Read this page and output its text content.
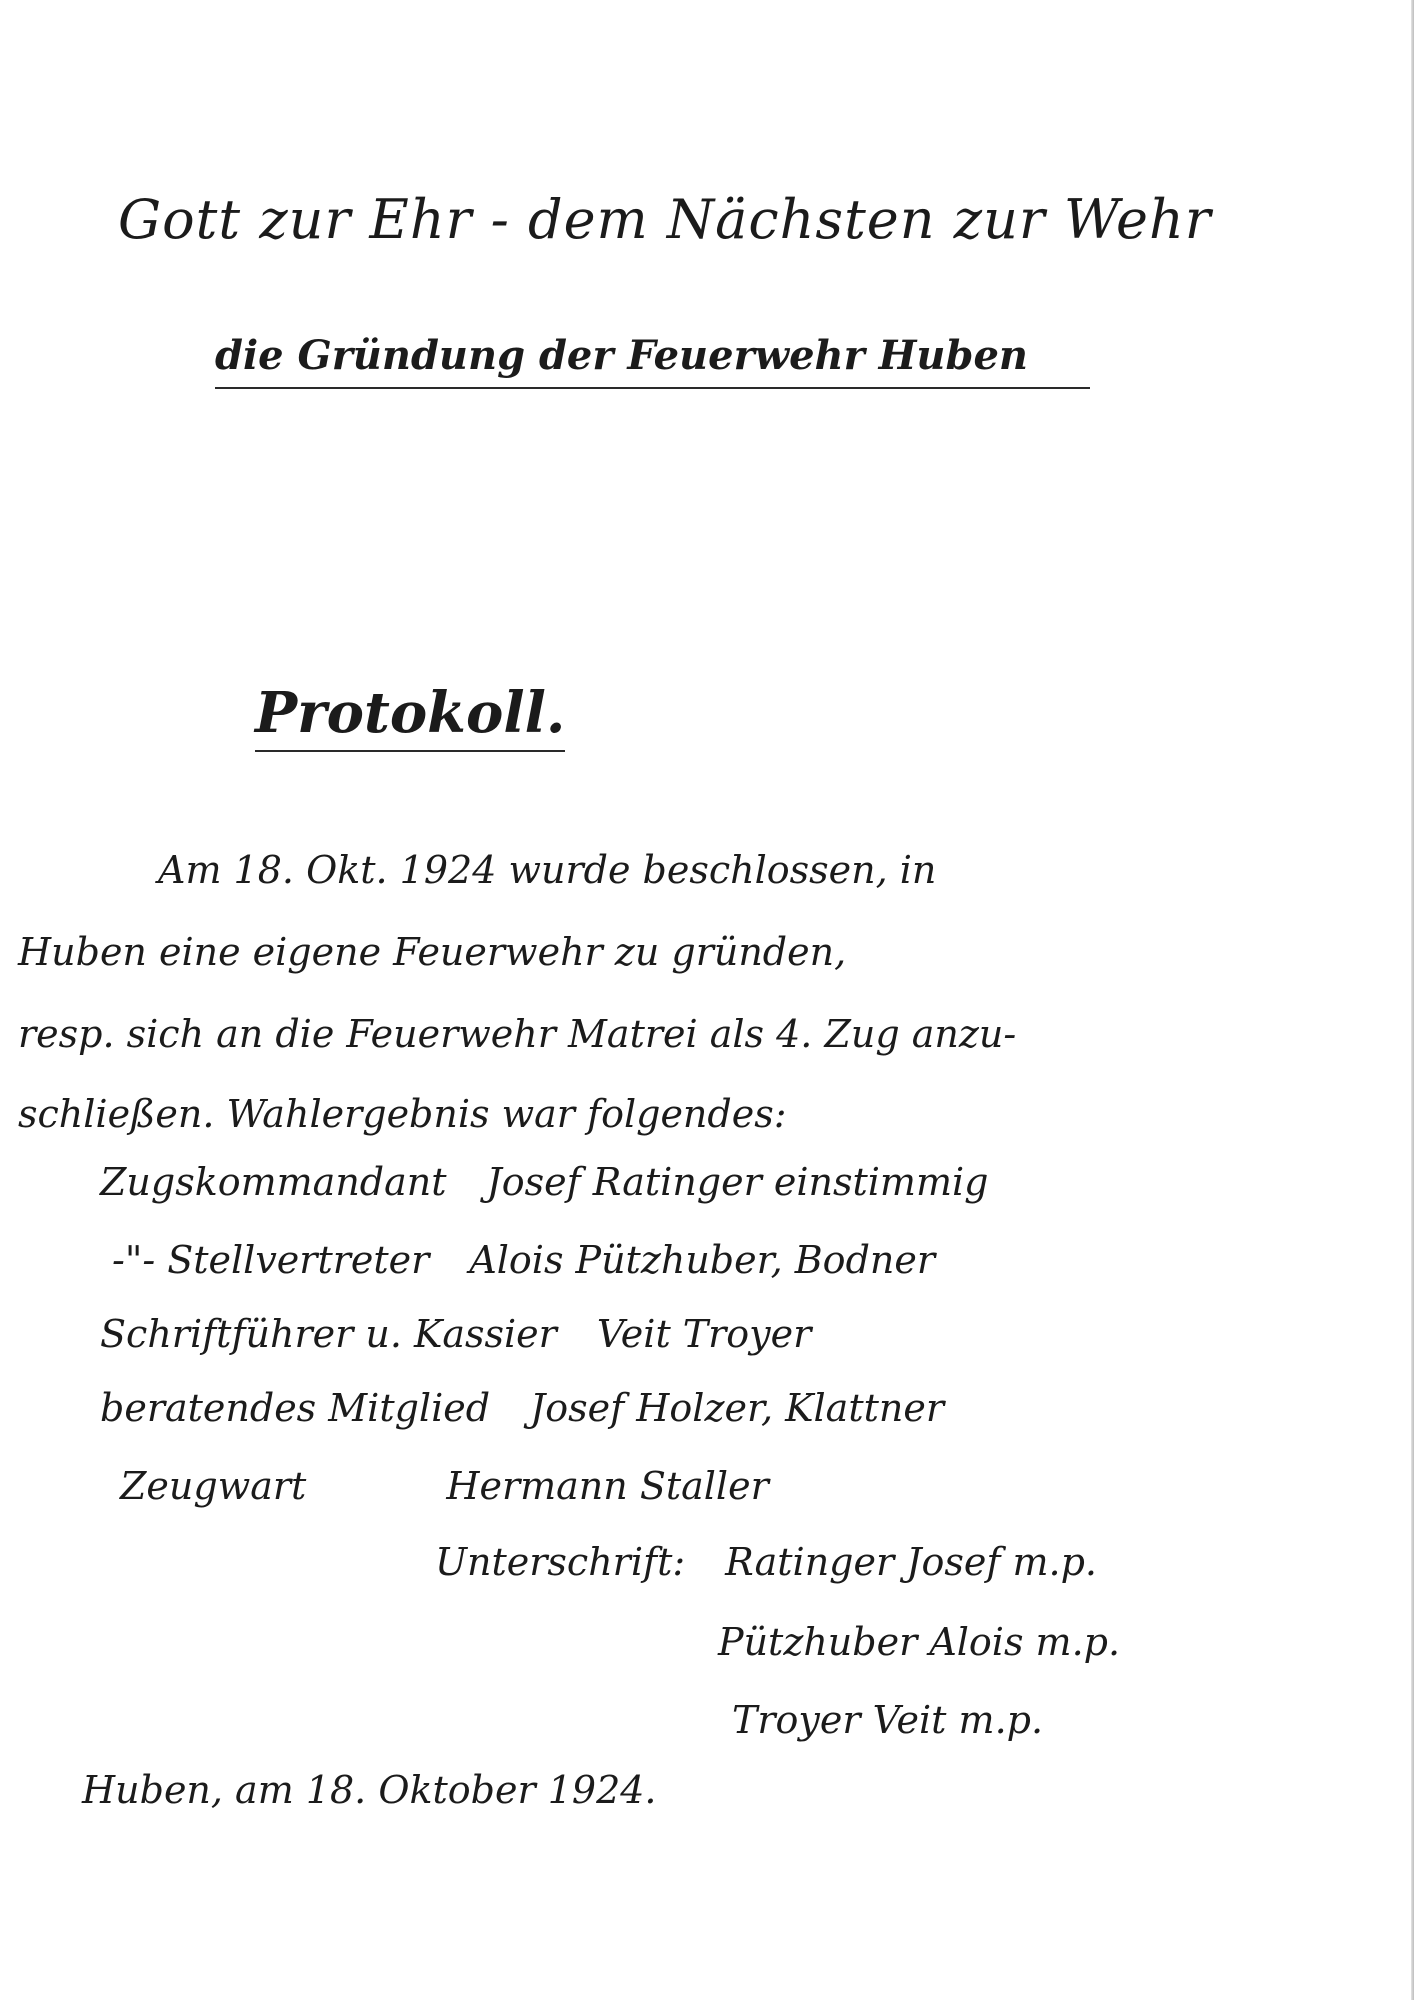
Gott zur Ehr - dem Nächsten zur Wehr
die Gründung der Feuerwehr Huben
Protokoll.

Am 18. Okt. 1924 wurde beschlossen, in

Huben eine eigene Feuerwehr zu gründen,

resp. sich an die Feuerwehr Matrei als 4. Zug anzu-

schließen. Wahlergebnis war folgendes:

Zugskommandant Josef Ratinger einstimmig

-"- Stellvertreter Alois Pützhuber, Bodner

Schriftführer u. Kassier Veit Troyer

beratendes Mitglied Josef Holzer, Klattner

Zeugwart	Hermann Staller

Unterschrift: Ratinger Josef m.p.

Pützhuber Alois m.p.

Troyer Veit m.p.

Huben, am 18. Oktober 1924.
